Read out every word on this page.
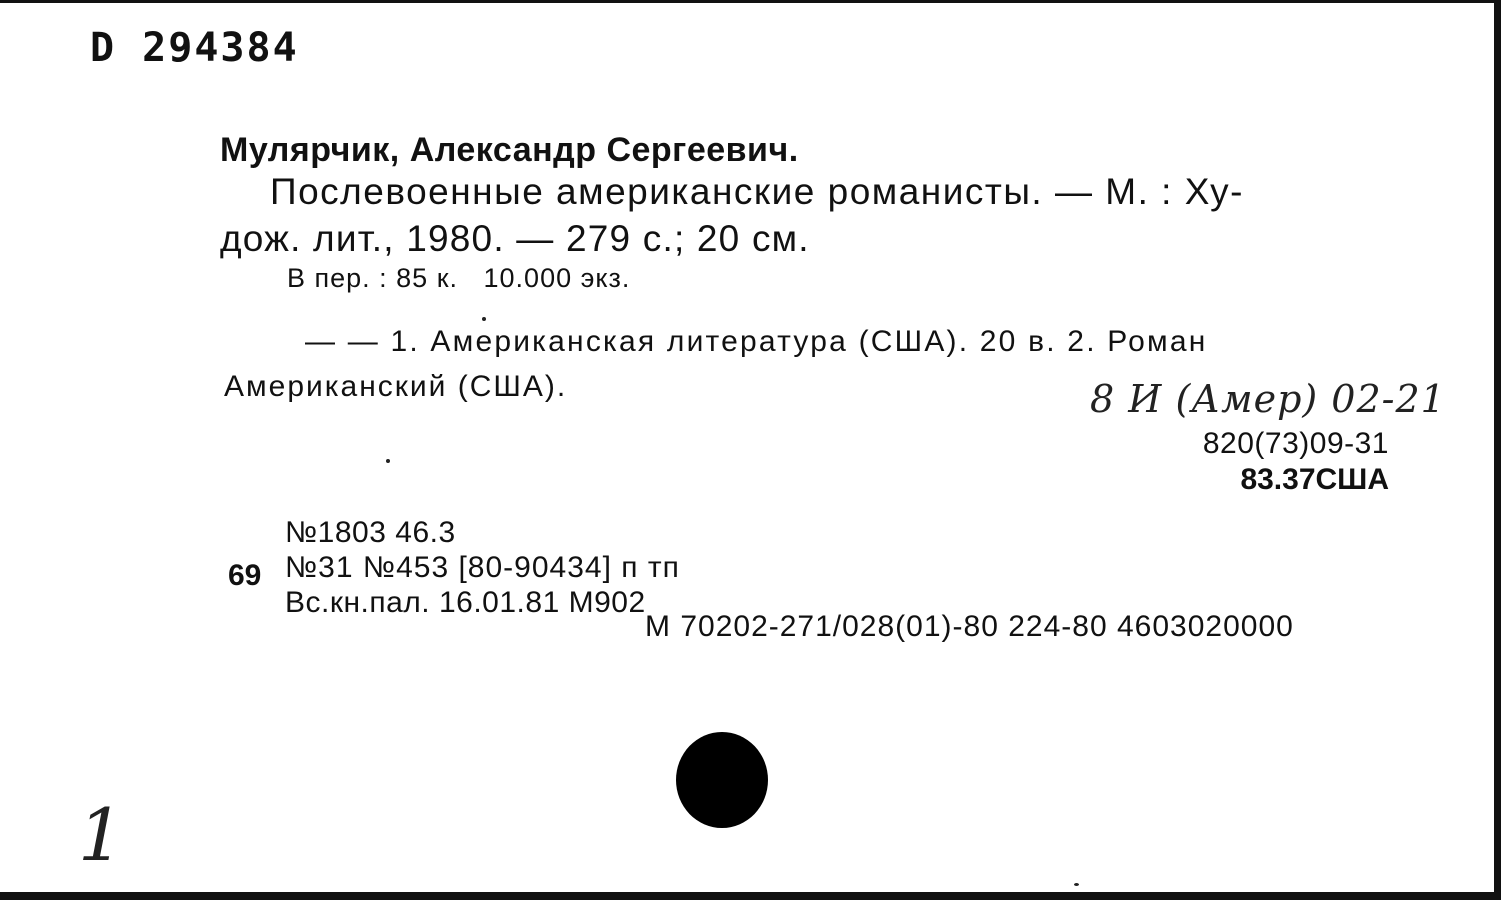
D 294384
Мулярчик, Александр Сергеевич.
Послевоенные американские романисты. — М. : Ху-
дож. лит., 1980. — 279 с.; 20 см.
В пер. : 85 к.   10.000 экз.
— — 1. Американская литература (США). 20 в. 2. Роман
Американский (США).	8 И (Амер) 02-21
820(73)09-31
83.37США
№1803 46.3
69 №31 №453 [80-90434] п тп
Вс.кн.пал. 16.01.81 М902
М 70202-271/028(01)-80 224-80 4603020000
1
